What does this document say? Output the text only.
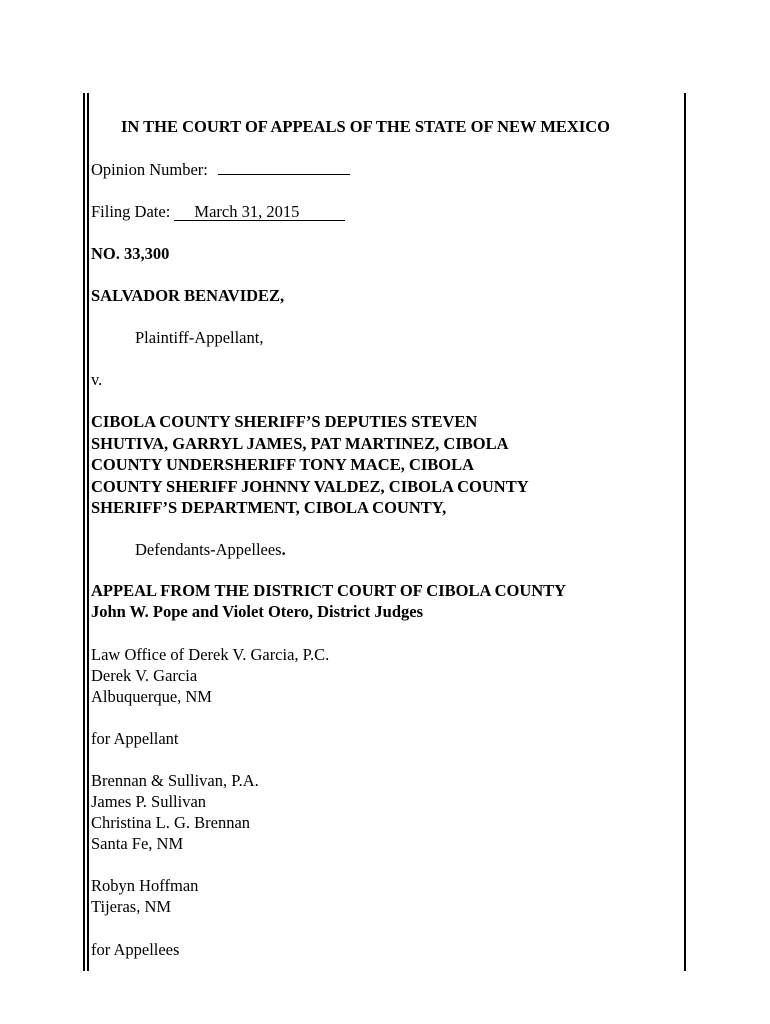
IN THE COURT OF APPEALS OF THE STATE OF NEW MEXICO
Opinion Number:
Filing Date: March 31, 2015
NO. 33,300
SALVADOR BENAVIDEZ,
Plaintiff-Appellant,
v.
CIBOLA COUNTY SHERIFF’S DEPUTIES STEVEN
SHUTIVA, GARRYL JAMES, PAT MARTINEZ, CIBOLA
COUNTY UNDERSHERIFF TONY MACE, CIBOLA
COUNTY SHERIFF JOHNNY VALDEZ, CIBOLA COUNTY
SHERIFF’S DEPARTMENT, CIBOLA COUNTY,
Defendants-Appellees.
APPEAL FROM THE DISTRICT COURT OF CIBOLA COUNTY
John W. Pope and Violet Otero, District Judges
Law Office of Derek V. Garcia, P.C.
Derek V. Garcia
Albuquerque, NM
for Appellant
Brennan & Sullivan, P.A.
James P. Sullivan
Christina L. G. Brennan
Santa Fe, NM
Robyn Hoffman
Tijeras, NM
for Appellees
